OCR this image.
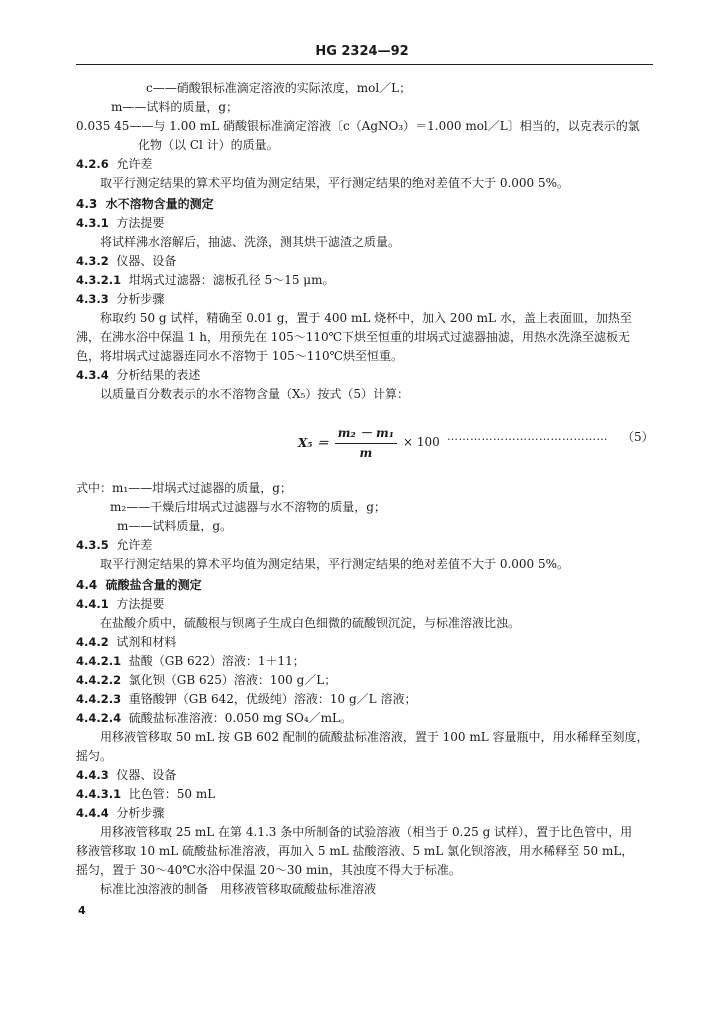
HG 2324—92
c——硝酸银标准滴定溶液的实际浓度，mol／L；
m——试料的质量，g；
0.035 45——与 1.00 mL 硝酸银标准滴定溶液〔c（AgNO₃）＝1.000 mol／L〕相当的，以克表示的氯
化物（以 Cl 计）的质量。
4.2.6 允许差
取平行测定结果的算术平均值为测定结果，平行测定结果的绝对差值不大于 0.000 5%。
4.3 水不溶物含量的测定
4.3.1 方法提要
将试样沸水溶解后，抽滤、洗涤，测其烘干滤渣之质量。
4.3.2 仪器、设备
4.3.2.1 坩埚式过滤器：滤板孔径 5～15 μm。
4.3.3 分析步骤
称取约 50 g 试样，精确至 0.01 g，置于 400 mL 烧杯中，加入 200 mL 水，盖上表面皿，加热至
沸，在沸水浴中保温 1 h，用预先在 105～110℃下烘至恒重的坩埚式过滤器抽滤，用热水洗涤至滤板无
色，将坩埚式过滤器连同水不溶物于 105～110℃烘至恒重。
4.3.4 分析结果的表述
以质量百分数表示的水不溶物含量（X₅）按式（5）计算：
$X_5 = \frac{\text{m₂ － m₁}}{m} \times 100$ …………………………………… （5）
式中：m₁——坩埚式过滤器的质量，g；
m₂——干燥后坩埚式过滤器与水不溶物的质量，g；
m——试料质量，g。
4.3.5 允许差
取平行测定结果的算术平均值为测定结果，平行测定结果的绝对差值不大于 0.000 5%。
4.4 硫酸盐含量的测定
4.4.1 方法提要
在盐酸介质中，硫酸根与钡离子生成白色细微的硫酸钡沉淀，与标准溶液比浊。
4.4.2 试剂和材料
4.4.2.1 盐酸（GB 622）溶液：1＋11；
4.4.2.2 氯化钡（GB 625）溶液：100 g／L；
4.4.2.3 重铬酸钾（GB 642，优级纯）溶液：10 g／L 溶液；
4.4.2.4 硫酸盐标准溶液：0.050 mg SO₄／mL。
用移液管移取 50 mL 按 GB 602 配制的硫酸盐标准溶液，置于 100 mL 容量瓶中，用水稀释至刻度，
摇匀。
4.4.3 仪器、设备
4.4.3.1 比色管：50 mL
4.4.4 分析步骤
用移液管移取 25 mL 在第 4.1.3 条中所制备的试验溶液（相当于 0.25 g 试样），置于比色管中，用
移液管移取 10 mL 硫酸盐标准溶液，再加入 5 mL 盐酸溶液、5 mL 氯化钡溶液，用水稀释至 50 mL，
摇匀，置于 30～40℃水浴中保温 20～30 min，其浊度不得大于标准。
标准比浊溶液的制备　用移液管移取硫酸盐标准溶液
4
